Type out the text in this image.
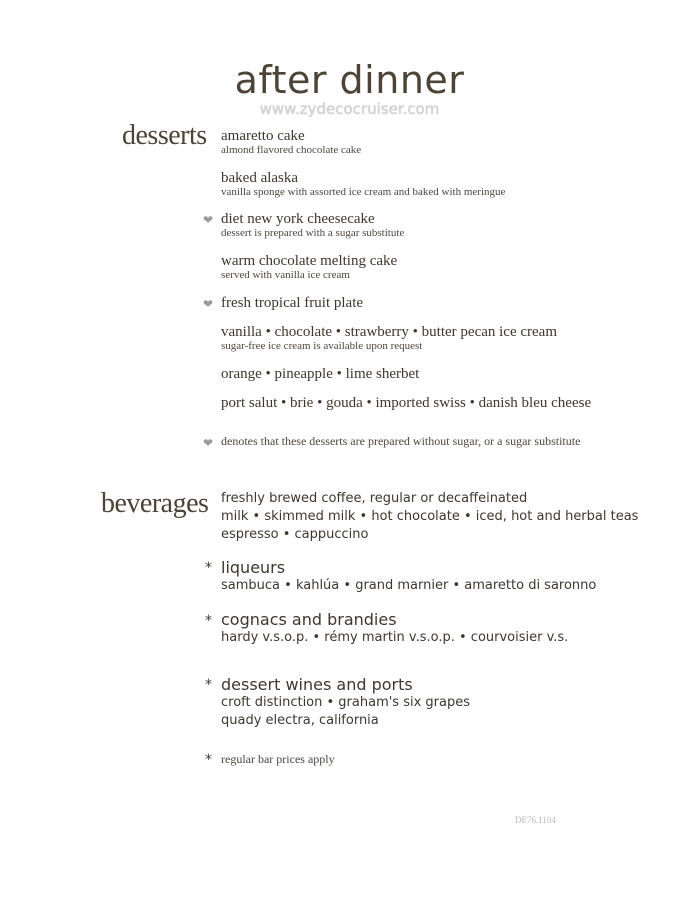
after dinner
www.zydecocruiser.com
desserts amaretto cake
almond flavored chocolate cake
baked alaska
vanilla sponge with assorted ice cream and baked with meringue
❤ diet new york cheesecake
dessert is prepared with a sugar substitute
warm chocolate melting cake
served with vanilla ice cream
❤ fresh tropical fruit plate
vanilla • chocolate • strawberry • butter pecan ice cream
sugar-free ice cream is available upon request
orange • pineapple • lime sherbet
port salut • brie • gouda • imported swiss • danish bleu cheese
❤ denotes that these desserts are prepared without sugar, or a sugar substitute
beverages freshly brewed coffee, regular or decaffeinated
milk • skimmed milk • hot chocolate • iced, hot and herbal teas
espresso • cappuccino
* liqueurs
sambuca • kahlúa • grand marnier • amaretto di saronno
* cognacs and brandies
hardy v.s.o.p. • rémy martin v.s.o.p. • courvoisier v.s.
* dessert wines and ports
croft distinction • graham's six grapes
quady electra, california
* regular bar prices apply
DE76.1104
